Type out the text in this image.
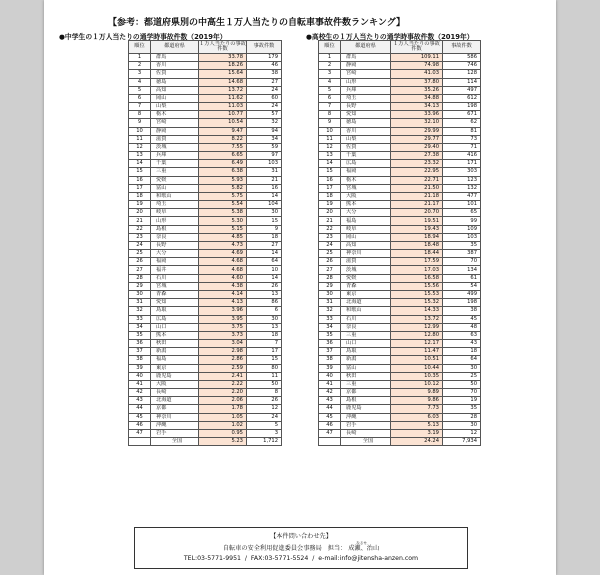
【参考：都道府県別の中高生１万人当たりの自転車事故件数ランキング】
●中学生の１万人当たりの通学時事故件数（2019年）	●高校生の１万人当たりの通学時事故件数（2019年）
順位	都道府県	１万人当たりの事故件数	事故件数
1	群馬	33.78	179
2	香川	18.26	46
3	佐賀	15.64	38
4	徳島	14.68	27
5	高知	13.72	24
6	岡山	11.62	60
7	山梨	11.03	24
8	栃木	10.77	57
9	宮崎	10.54	32
10	静岡	9.47	94
11	滋賀	8.22	34
12	茨城	7.55	59
13	兵庫	6.65	97
14	千葉	6.49	103
15	三重	6.38	31
16	愛媛	5.93	21
17	富山	5.82	16
18	和歌山	5.75	14
19	埼玉	5.54	104
20	岐阜	5.38	30
21	山形	5.30	15
22	島根	5.15	9
23	奈良	4.85	18
24	長野	4.73	27
25	大分	4.69	14
26	福岡	4.68	64
27	福井	4.68	10
28	石川	4.60	14
29	宮城	4.38	26
30	青森	4.14	13
31	愛知	4.13	86
32	鳥取	3.96	6
33	広島	3.95	30
34	山口	3.75	13
35	熊本	3.73	18
36	秋田	3.04	7
37	新潟	2.98	17
38	福島	2.86	15
39	東京	2.59	80
40	鹿児島	2.41	11
41	大阪	2.22	50
42	長崎	2.20	8
43	北海道	2.06	26
44	京都	1.78	12
45	神奈川	1.05	24
46	沖縄	1.02	5
47	岩手	0.95	3
	全国	5.23	1,712
順位	都道府県	１万人当たりの事故件数	事故件数
1	群馬	109.11	586
2	静岡	74.98	746
3	宮崎	41.03	128
4	山形	37.80	114
5	兵庫	35.26	497
6	埼玉	34.88	612
7	長野	34.13	198
8	愛知	33.96	671
9	徳島	32.10	62
10	香川	29.99	81
11	山梨	29.77	73
12	佐賀	29.40	71
13	千葉	27.38	416
14	広島	23.32	171
15	福岡	22.95	303
16	栃木	22.71	123
17	宮城	21.50	132
18	大阪	21.18	477
19	熊本	21.17	101
20	大分	20.70	65
21	福島	19.51	99
22	岐阜	19.43	109
23	岡山	18.94	103
24	高知	18.48	35
25	神奈川	18.44	387
26	滋賀	17.59	70
27	茨城	17.03	134
28	愛媛	16.58	61
29	青森	15.56	54
30	東京	15.53	499
31	北海道	15.32	198
32	和歌山	14.33	38
33	石川	13.72	45
34	奈良	12.99	48
35	三重	12.80	63
36	山口	12.17	43
37	鳥取	11.47	18
38	新潟	10.51	64
39	富山	10.44	30
40	秋田	10.35	25
41	三重	10.12	50
42	京都	9.89	70
43	島根	9.86	19
44	鹿児島	7.73	35
45	沖縄	6.03	28
46	岩手	5.13	30
47	長崎	3.19	12
	全国	24.24	7,934
【本件問い合わせ先】
自転車の安全利用促進委員会事務局 担当：
なるせ
成瀬、治山
TEL:03-5771-9951 / FAX:03-5771-5524 / e-mail:info@jitensha-anzen.com
